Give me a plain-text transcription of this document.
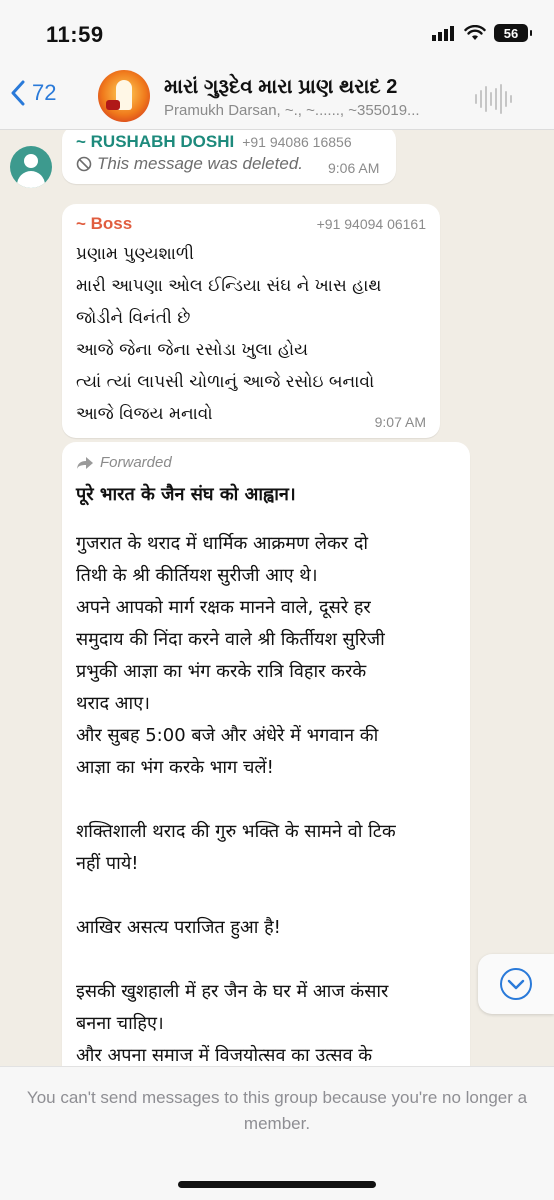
11:59	56
72	મારાં ગુરૂદેવ મારા પ્રાણ થરાદ 2
Pramukh Darsan, ~., ~......, ~355019...
~ RUSHABH DOSHI +91 94086 16856
This message was deleted. 9:06 AM
~ Boss	+91 94094 06161
પ્રણામ પુણ્યશાળી
મારી આપણા ઓલ ઈન્ડિયા સંઘ ને ખાસ હાથ
જોડીને વિનંતી છે
આજે જેના જેના રસોડા ખુલા હોય
ત્યાં ત્યાં લાપસી ચોળાનું આજે રસોઇ બનાવો
આજે વિજય મનાવો	9:07 AM
Forwarded
पूरे भारत के जैन संघ को आह्वान।
गुजरात के थराद में धार्मिक आक्रमण लेकर दो
तिथी के श्री कीर्तियश सुरीजी आए थे।
अपने आपको मार्ग रक्षक मानने वाले, दूसरे हर
समुदाय की निंदा करने वाले श्री किर्तीयश सुरिजी
प्रभुकी आज्ञा का भंग करके रात्रि विहार करके
थराद आए।
और सुबह 5:00 बजे और अंधेरे में भगवान की
आज्ञा का भंग करके भाग चलें!
शक्तिशाली थराद की गुरु भक्ति के सामने वो टिक
नहीं पाये!
आखिर असत्य पराजित हुआ है!
इसकी खुशहाली में हर जैन के घर में आज कंसार
बनना चाहिए।
और अपना समाज में विजयोत्सव का उत्सव के
You can't send messages to this group because you're no longer a member.
